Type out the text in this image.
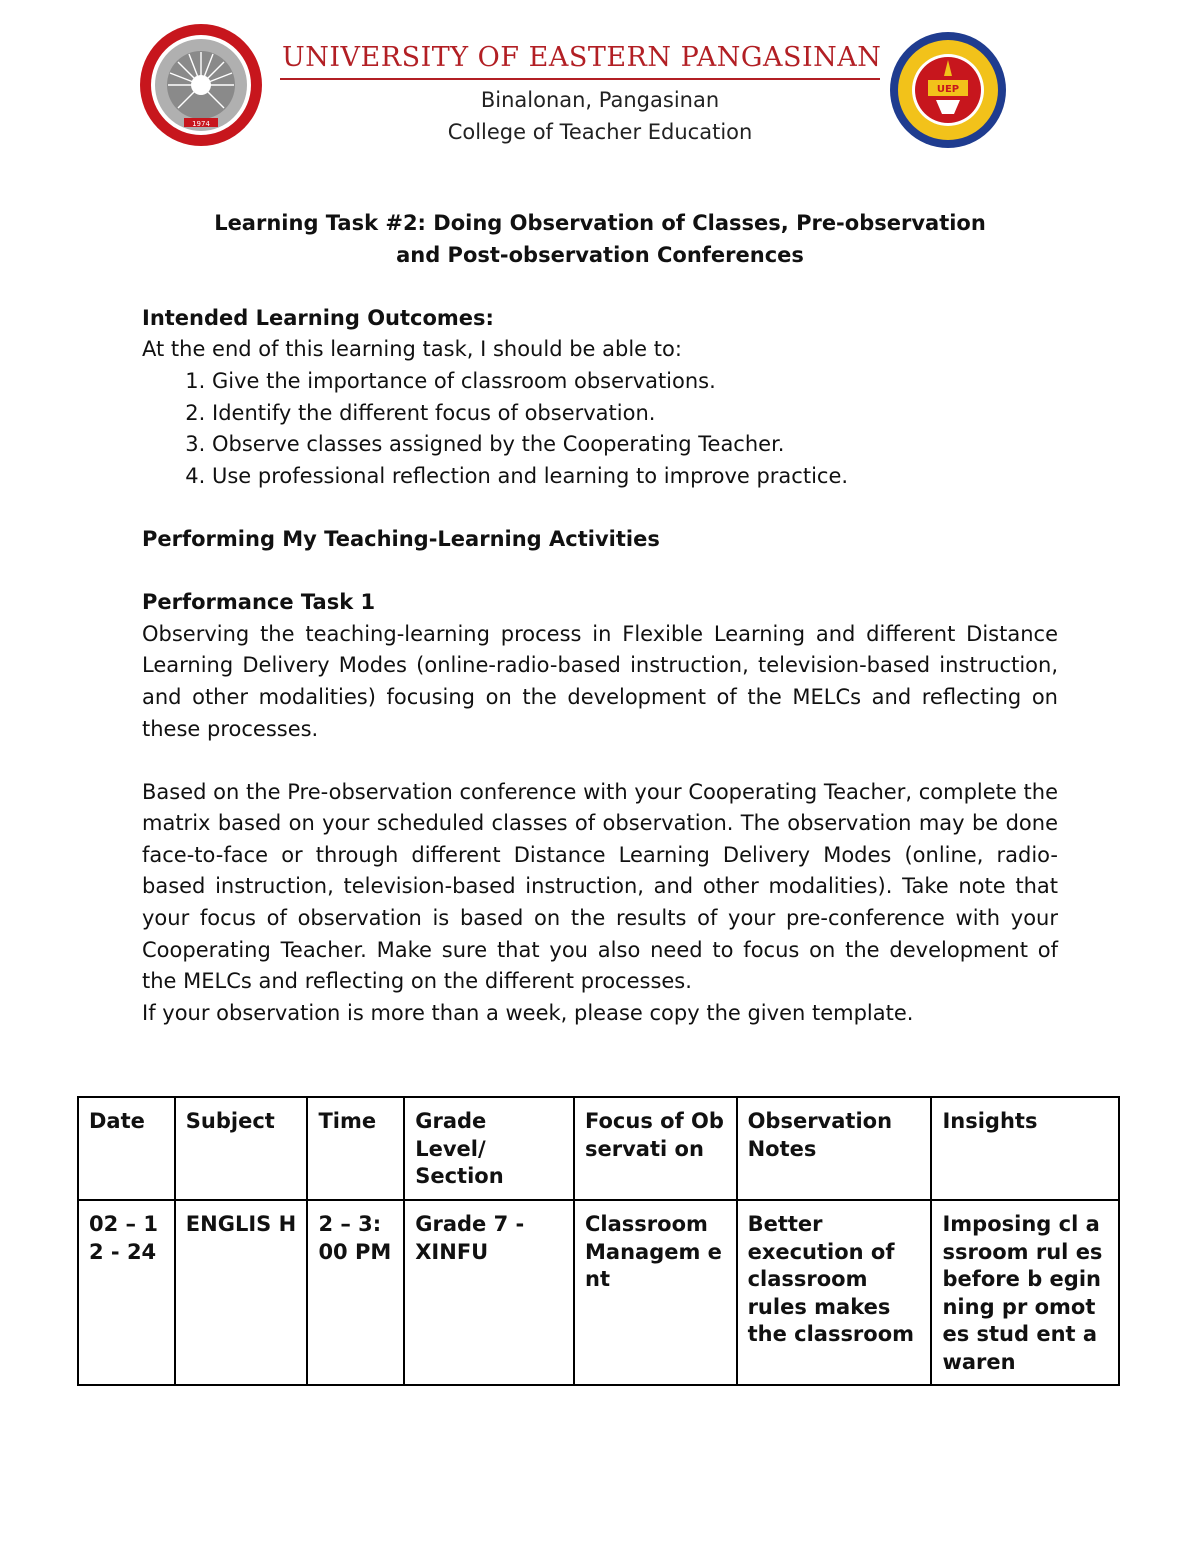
1974
UNIVERSITY OF EASTERN PANGASINAN
Binalonan, Pangasinan
College of Teacher Education
UEP

Learning Task #2: Doing Observation of Classes, Pre-observation

and Post-observation Conferences

Intended Learning Outcomes:

At the end of this learning task, I should be able to:

1. Give the importance of classroom observations.
2. Identify the different focus of observation.
3. Observe classes assigned by the Cooperating Teacher.
4. Use professional reflection and learning to improve practice.

Performing My Teaching-Learning Activities

Performance Task 1

Observing the teaching-learning process in Flexible Learning and different Distance Learning Delivery Modes (online-radio-based instruction, television-based instruction, and other modalities) focusing on the development of the MELCs and reflecting on these processes.

Based on the Pre-observation conference with your Cooperating Teacher, complete the matrix based on your scheduled classes of observation. The observation may be done face-to-face or through different Distance Learning Delivery Modes (online, radio-based instruction, television-based instruction, and other modalities). Take note that your focus of observation is based on the results of your pre-conference with your Cooperating Teacher. Make sure that you also need to focus on the development of the MELCs and reflecting on the different processes.

If your observation is more than a week, please copy the given template.

Date	Subject	Time	Grade Level/ Section	Focus of Observati on	Observation Notes	Insights
02 – 12 - 24	ENGLIS H	2 – 3:00 PM	Grade 7 - XINFU	Classroom Managem ent	Better execution of classroom rules makes the classroom	Imposing cl assroom rul es before b eginning pr omotes stud ent awaren
